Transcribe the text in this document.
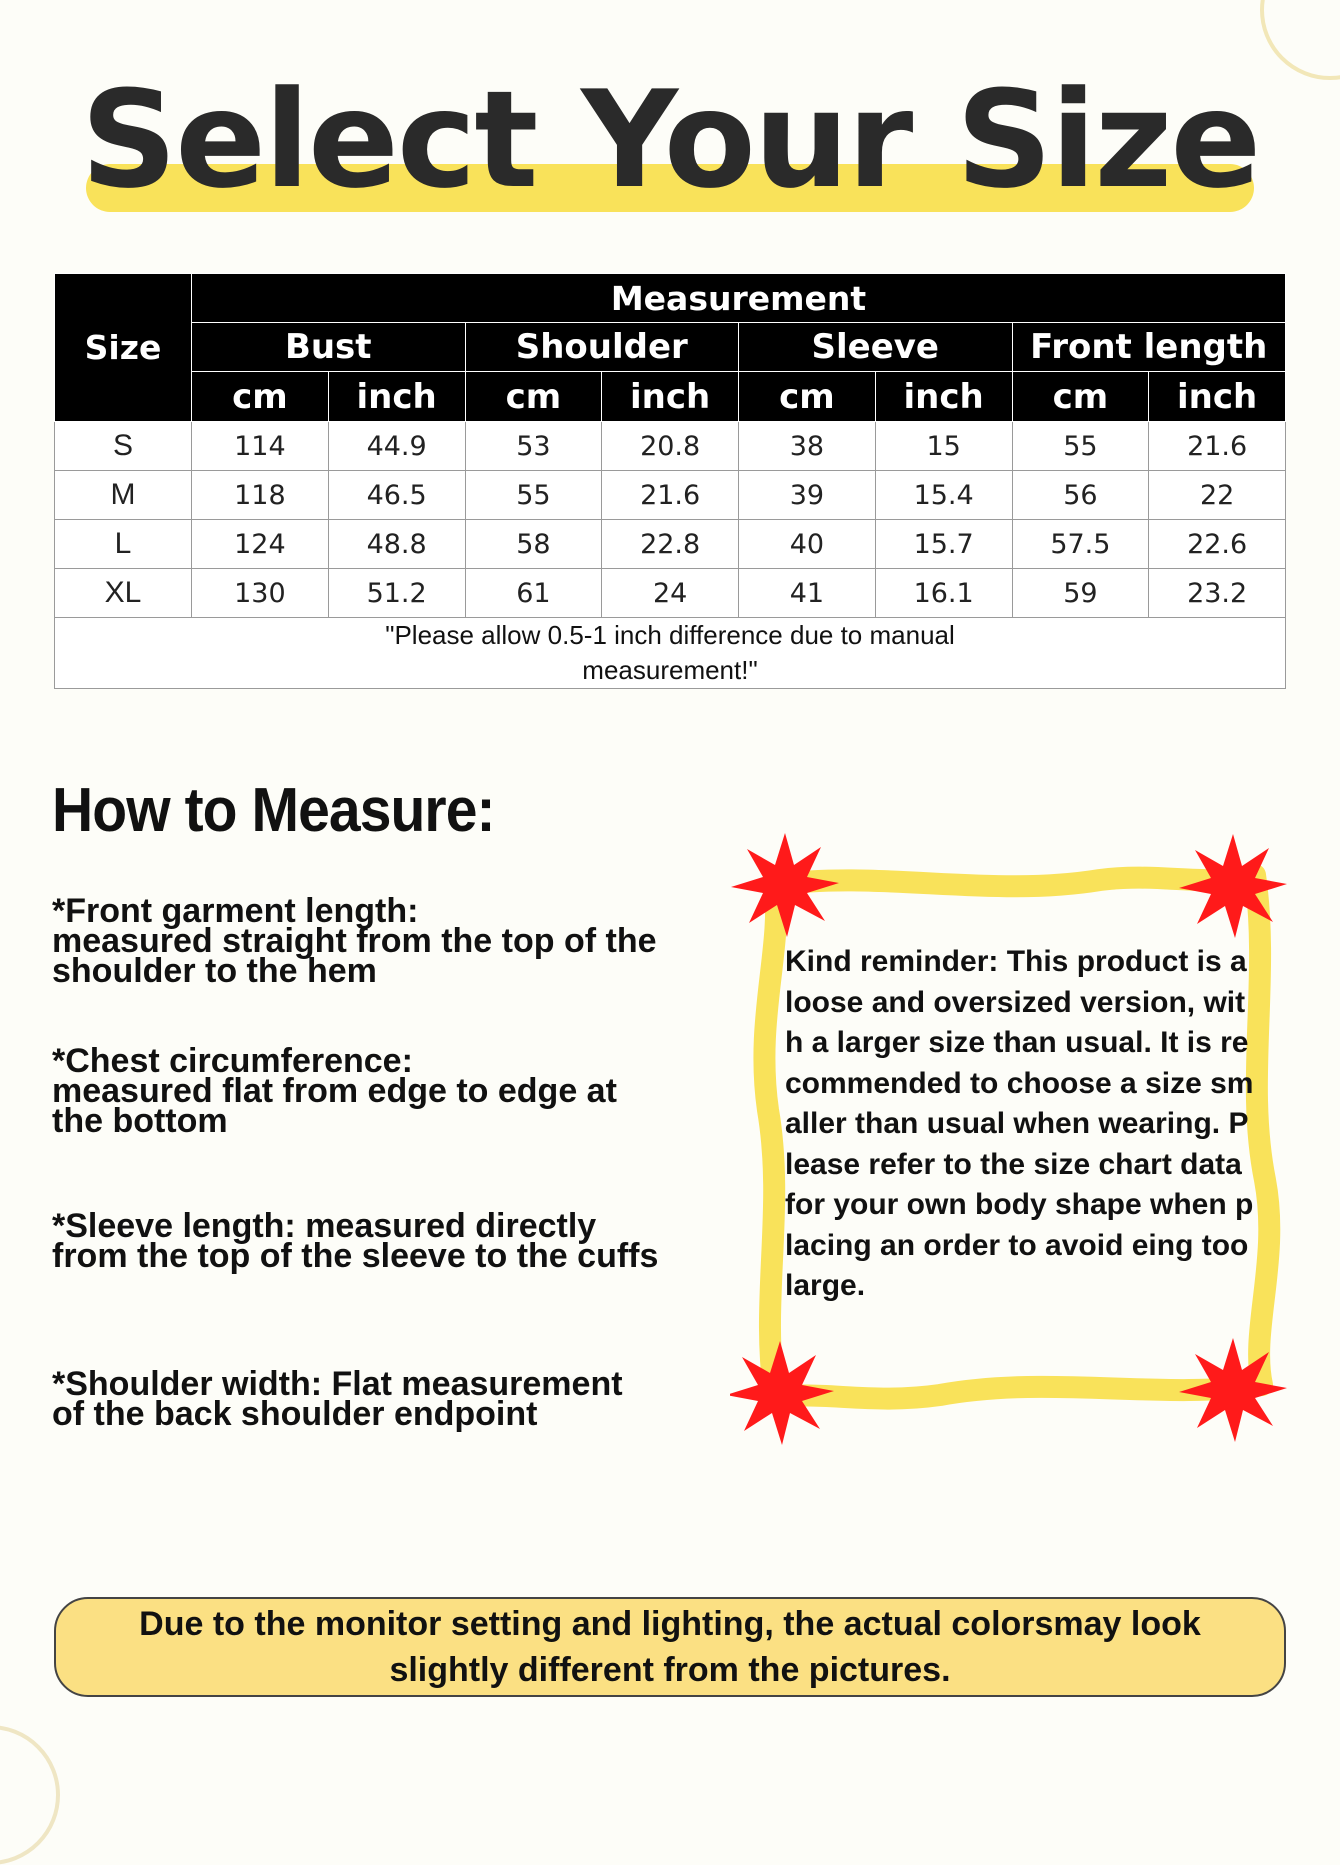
Select Your Size
Size	Measurement							
	Bust		Shoulder		Sleeve		Front length	
	cm	inch	cm	inch	cm	inch	cm	inch
S	114	44.9	53	20.8	38	15	55	21.6
M	118	46.5	55	21.6	39	15.4	56	22
L	124	48.8	58	22.8	40	15.7	57.5	22.6
XL	130	51.2	61	24	41	16.1	59	23.2
"Please allow 0.5-1 inch difference due to manual measurement!"								
How to Measure:
*Front garment length:
measured straight from the top of the shoulder to the hem
*Chest circumference:
measured flat from edge to edge at the bottom
*Sleeve length: measured directly
from the top of the sleeve to the cuffs
*Shoulder width: Flat measurement
of the back shoulder endpoint
Kind reminder: This product is a loose and oversized version, with a larger size than usual. It is recommended to choose a size smaller than usual when wearing. Please refer to the size chart data for your own body shape when placing an order to avoid eing too large.
Due to the monitor setting and lighting, the actual colorsmay look slightly different from the pictures.
